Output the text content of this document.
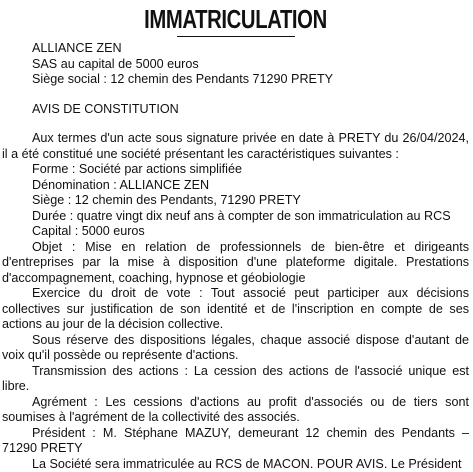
IMMATRICULATION

ALLIANCE ZEN

SAS au capital de 5000 euros

Siège social : 12 chemin des Pendants 71290 PRETY

AVIS DE CONSTITUTION

Aux termes d'un acte sous signature privée en date à PRETY du 26/04/2024, il a été constitué une société présentant les caractéristiques suivantes :

Forme : Société par actions simplifiée

Dénomination : ALLIANCE ZEN

Siège : 12 chemin des Pendants, 71290 PRETY

Durée : quatre vingt dix neuf ans à compter de son immatriculation au RCS

Capital : 5000 euros

Objet : Mise en relation de professionnels de bien-être et dirigeants d'entreprises par la mise à disposition d'une plateforme digitale. Prestations d'accompagnement, coaching, hypnose et géobiologie

Exercice du droit de vote : Tout associé peut participer aux décisions collectives sur justification de son identité et de l'inscription en compte de ses actions au jour de la décision collective.

Sous réserve des dispositions légales, chaque associé dispose d'autant de voix qu'il possède ou représente d'actions.

Transmission des actions : La cession des actions de l'associé unique est libre.

Agrément : Les cessions d'actions au profit d'associés ou de tiers sont soumises à l'agrément de la collectivité des associés.

Président : M. Stéphane MAZUY, demeurant 12 chemin des Pendants – 71290 PRETY

La Société sera immatriculée au RCS de MACON. POUR AVIS. Le Président
